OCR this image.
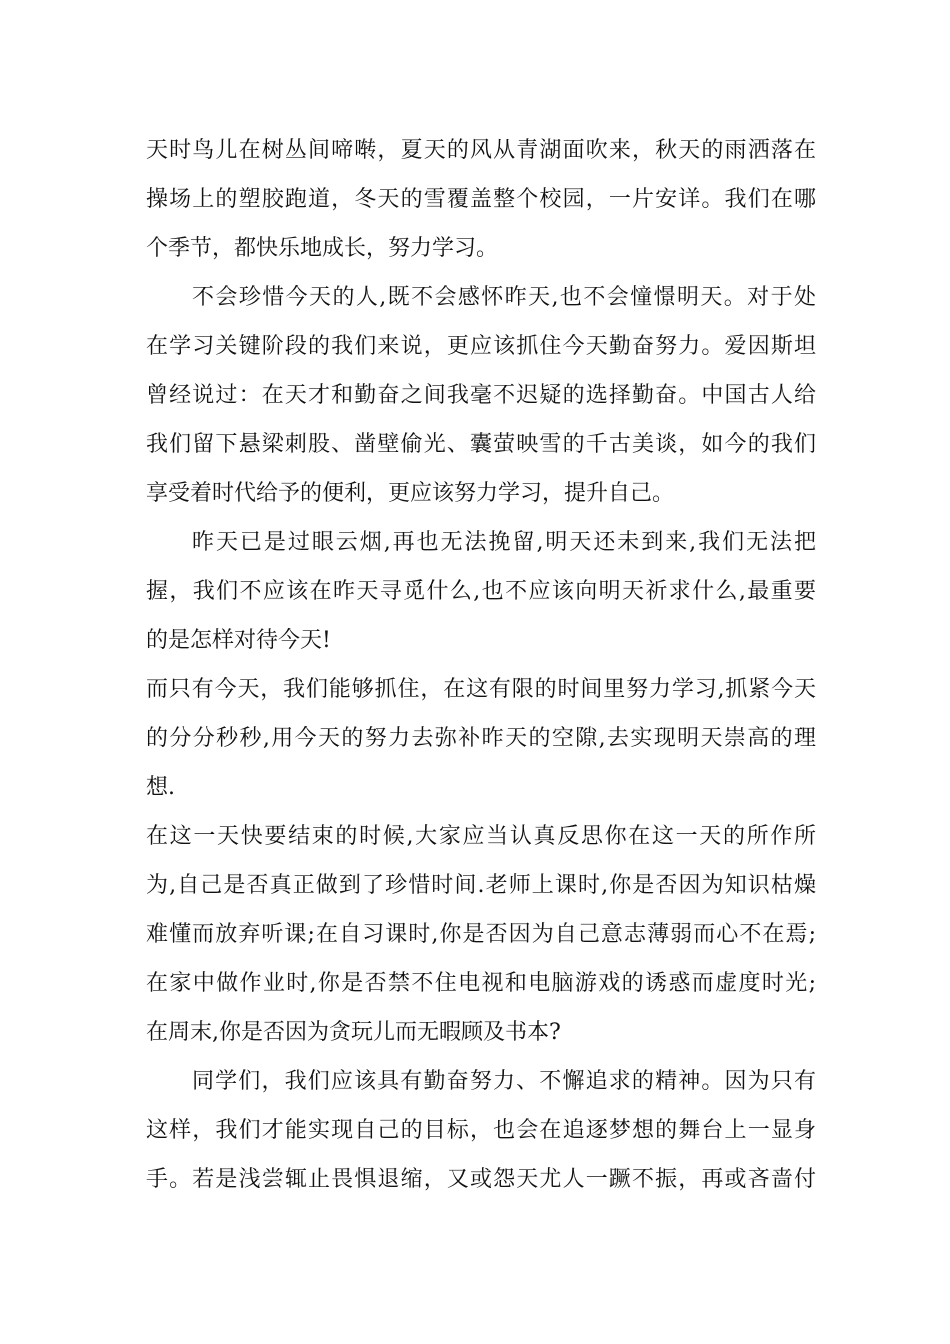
天时鸟儿在树丛间啼啭，夏天的风从青湖面吹来，秋天的雨洒落在
操场上的塑胶跑道，冬天的雪覆盖整个校园，一片安详。我们在哪
个季节，都快乐地成长，努力学习。
不会珍惜今天的人,既不会感怀昨天,也不会憧憬明天。对于处
在学习关键阶段的我们来说，更应该抓住今天勤奋努力。爱因斯坦
曾经说过：在天才和勤奋之间我毫不迟疑的选择勤奋。中国古人给
我们留下悬梁刺股、凿壁偷光、囊萤映雪的千古美谈，如今的我们
享受着时代给予的便利，更应该努力学习，提升自己。
昨天已是过眼云烟,再也无法挽留,明天还未到来,我们无法把
握，我们不应该在昨天寻觅什么,也不应该向明天祈求什么,最重要
的是怎样对待今天!
而只有今天，我们能够抓住，在这有限的时间里努力学习,抓紧今天
的分分秒秒,用今天的努力去弥补昨天的空隙,去实现明天崇高的理
想.
在这一天快要结束的时候,大家应当认真反思你在这一天的所作所
为,自己是否真正做到了珍惜时间.老师上课时,你是否因为知识枯燥
难懂而放弃听课;在自习课时,你是否因为自己意志薄弱而心不在焉;
在家中做作业时,你是否禁不住电视和电脑游戏的诱惑而虚度时光;
在周末,你是否因为贪玩儿而无暇顾及书本?
同学们，我们应该具有勤奋努力、不懈追求的精神。因为只有
这样，我们才能实现自己的目标，也会在追逐梦想的舞台上一显身
手。若是浅尝辄止畏惧退缩，又或怨天尤人一蹶不振，再或吝啬付
